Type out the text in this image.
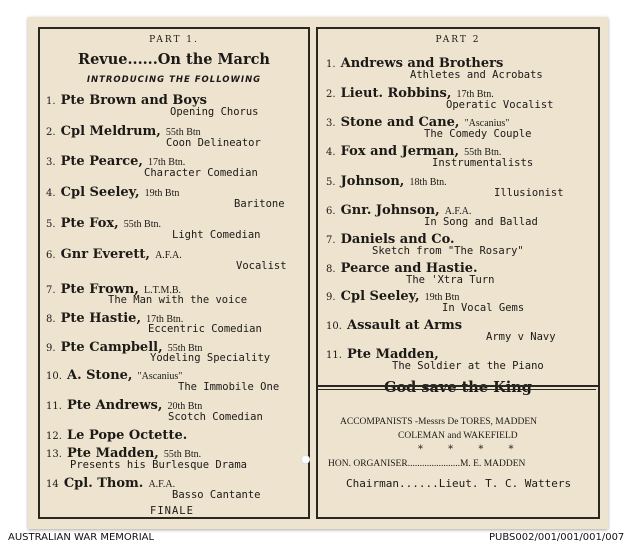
PART 1.
Revue......On the March
INTRODUCING THE FOLLOWING
1. Pte Brown and Boys
Opening Chorus
2. Cpl Meldrum, 55th Btn
Coon Delineator
3. Pte Pearce, 17th Btn.
Character Comedian
4. Cpl Seeley, 19th Btn
Baritone
5. Pte Fox, 55th Btn.
Light Comedian
6. Gnr Everett, A.F.A.
Vocalist
7. Pte Frown, L.T.M.B.
The Man with the voice
8. Pte Hastie, 17th Btn.
Eccentric Comedian
9. Pte Campbell, 55th Btn
Yodeling Speciality
10. A. Stone, "Ascanius"
The Immobile One
11. Pte Andrews, 20th Btn
Scotch Comedian
12. Le Pope Octette.
13. Pte Madden, 55th Btn.
Presents his Burlesque Drama
14 Cpl. Thom. A.F.A.
Basso Cantante
FINALE
PART 2
1. Andrews and Brothers
Athletes and Acrobats
2. Lieut. Robbins, 17th Btn.
Operatic Vocalist
3. Stone and Cane, "Ascanius"
The Comedy Couple
4. Fox and Jerman, 55th Btn.
Instrumentalists
5. Johnson, 18th Btn.
Illusionist
6. Gnr. Johnson, A.F.A.
In Song and Ballad
7. Daniels and Co.
Sketch from "The Rosary"
8. Pearce and Hastie.
The 'Xtra Turn
9. Cpl Seeley, 19th Btn
In Vocal Gems
10. Assault at Arms
Army v Navy
11. Pte Madden,
The Soldier at the Piano
God save the King
ACCOMPANISTS -Messrs De TORES, MADDEN
COLEMAN and WAKEFIELD
* * * *
HON. ORGANISER......................M. E. MADDEN
Chairman......Lieut. T. C. Watters
AUSTRALIAN WAR MEMORIAL	PUBS002/001/001/001/007
